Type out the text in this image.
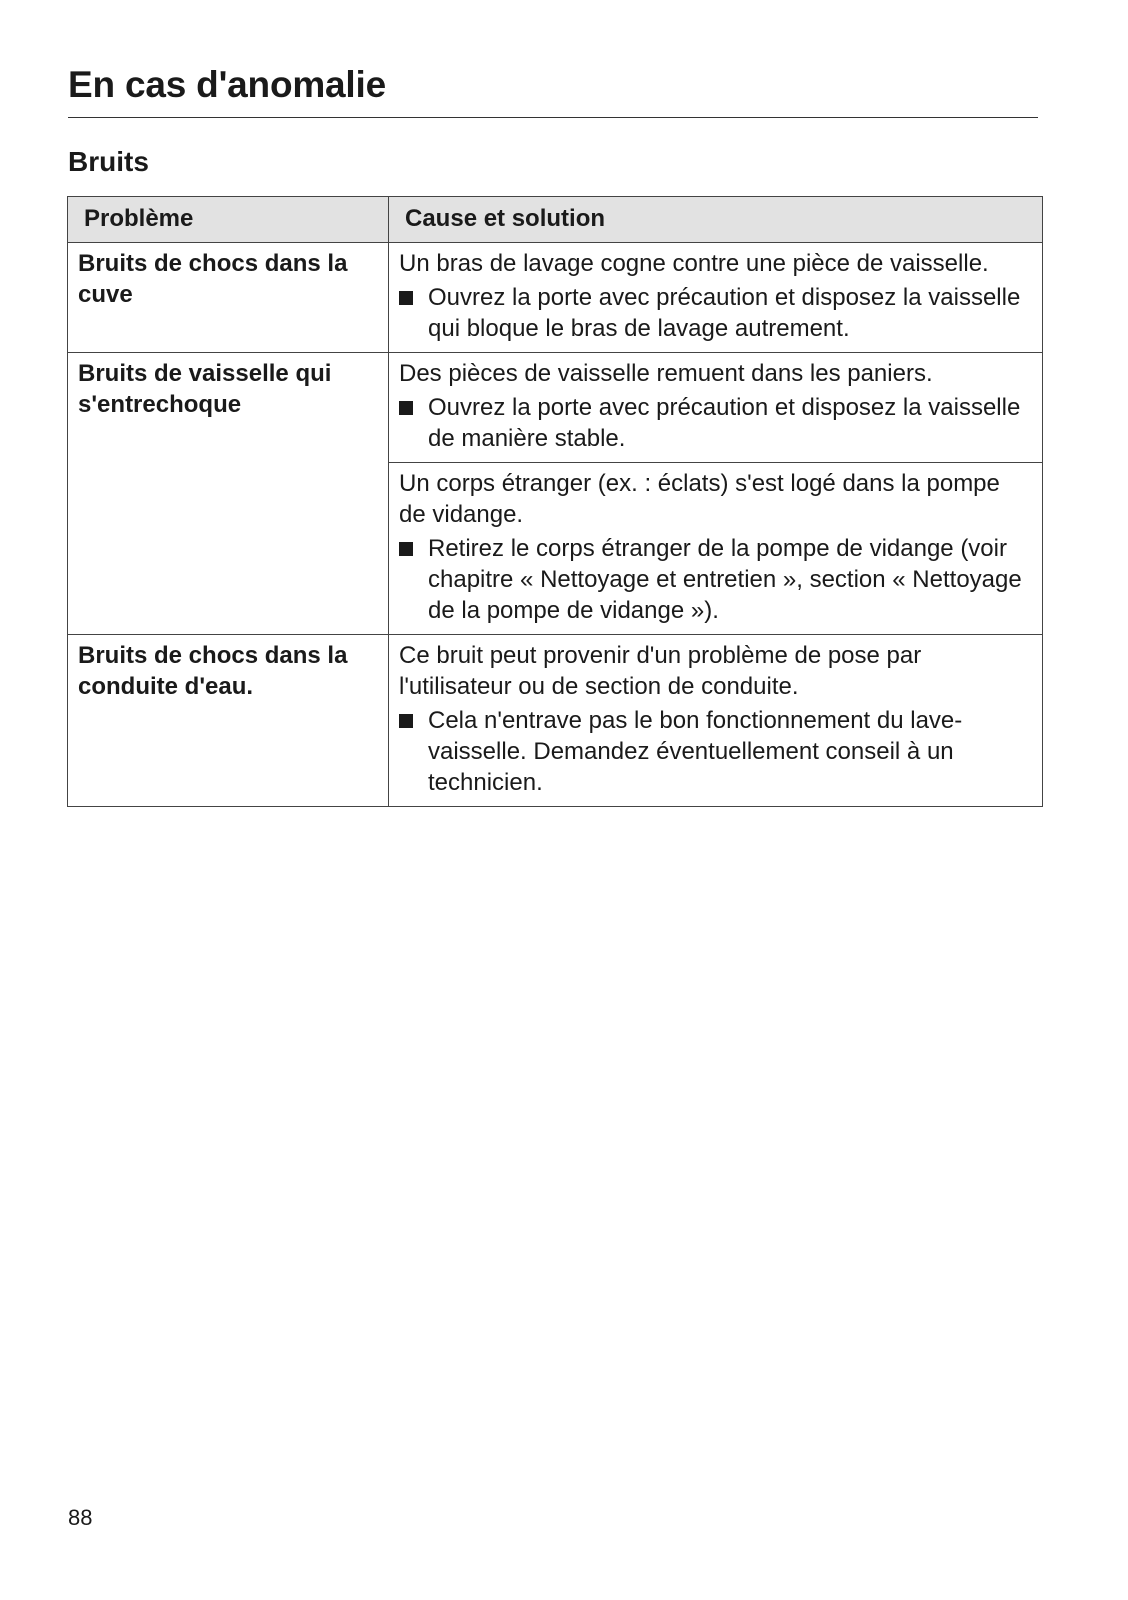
En cas d'anomalie
Bruits
Problème	Cause et solution

Bruits de chocs dans la cuve	Un bras de lavage cogne contre une pièce de vaisselle.

Ouvrez la porte avec précaution et disposez la vaisselle qui bloque le bras de lavage autrement.

Bruits de vaisselle qui s'entrechoque	Des pièces de vaisselle remuent dans les paniers.

Ouvrez la porte avec précaution et disposez la vaisselle de manière stable.

	Un corps étranger (ex. : éclats) s'est logé dans la pompe de vidange.

Retirez le corps étranger de la pompe de vidange (voir chapitre « Nettoyage et entretien », section « Nettoyage de la pompe de vidange »).

Bruits de chocs dans la conduite d'eau.	Ce bruit peut provenir d'un problème de pose par l'utilisateur ou de section de conduite.

Cela n'entrave pas le bon fonctionnement du lave-vaisselle. Demandez éventuellement conseil à un technicien.
88
